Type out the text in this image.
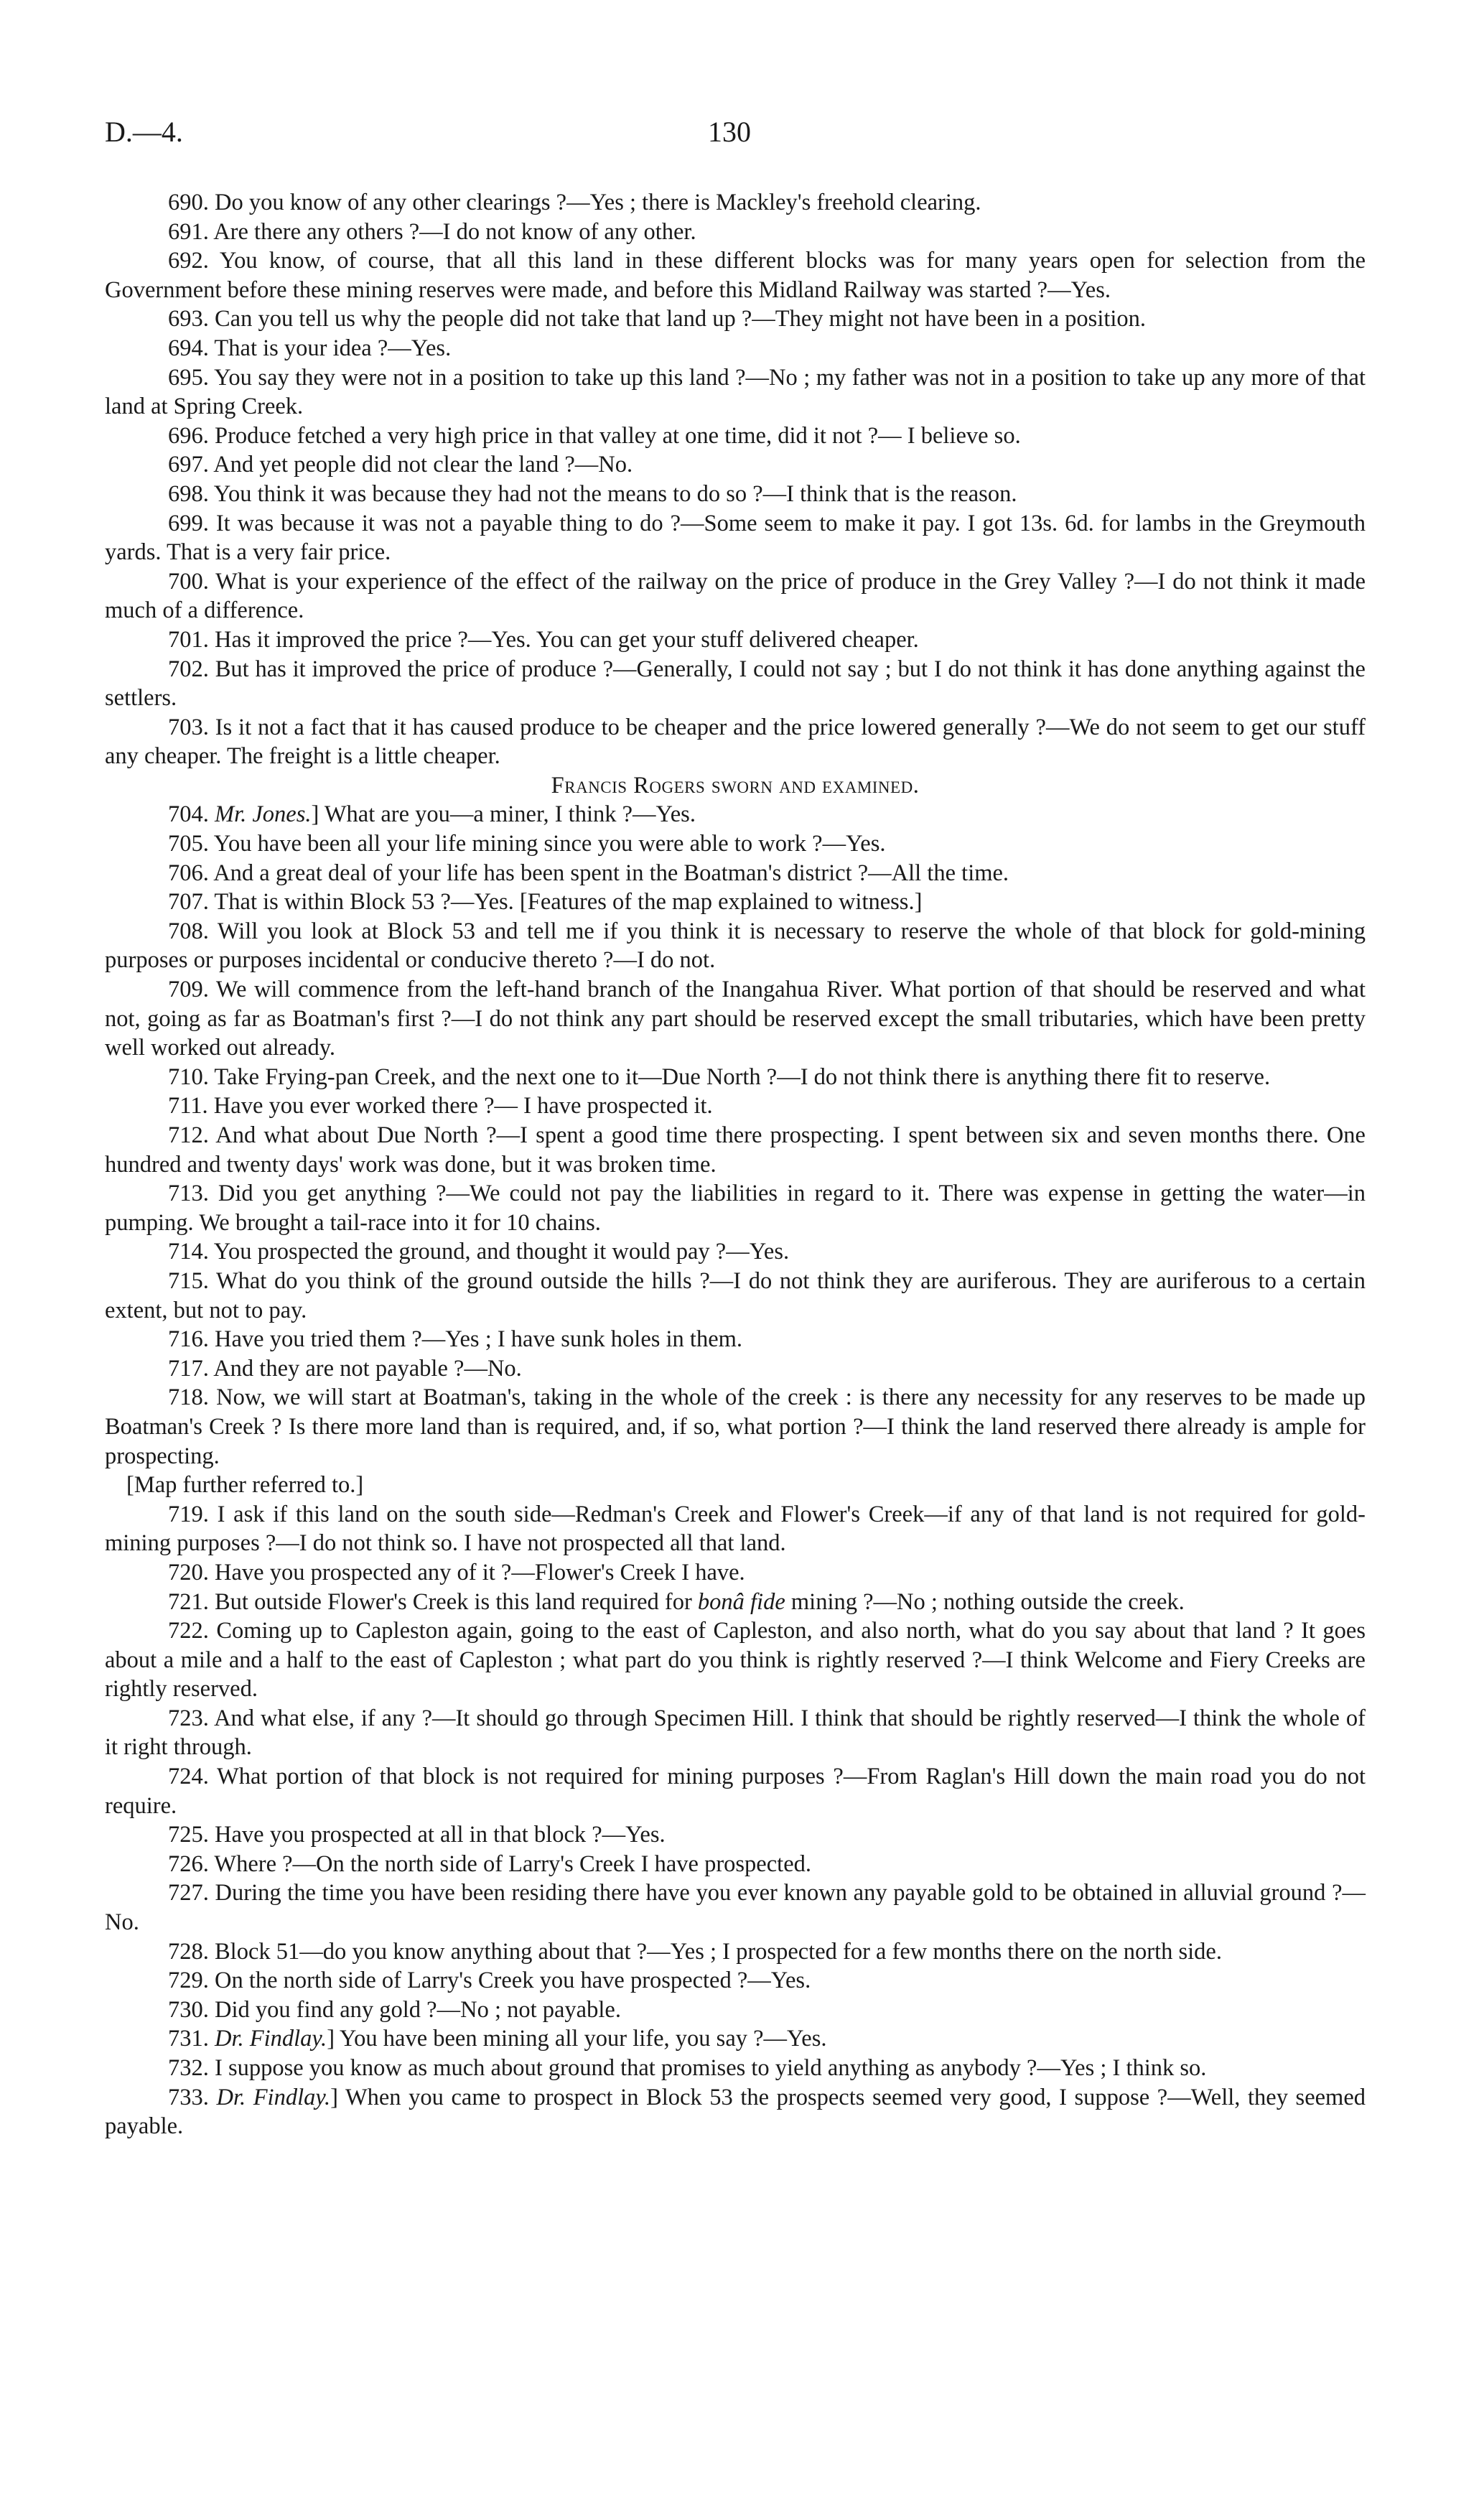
D.—4.	130

690. Do you know of any other clearings ?—Yes ; there is Mackley's freehold clearing.

691. Are there any others ?—I do not know of any other.

692. You know, of course, that all this land in these different blocks was for many years open for selection from the Government before these mining reserves were made, and before this Midland Railway was started ?—Yes.

693. Can you tell us why the people did not take that land up ?—They might not have been in a position.

694. That is your idea ?—Yes.

695. You say they were not in a position to take up this land ?—No ; my father was not in a position to take up any more of that land at Spring Creek.

696. Produce fetched a very high price in that valley at one time, did it not ?— I believe so.

697. And yet people did not clear the land ?—No.

698. You think it was because they had not the means to do so ?—I think that is the reason.

699. It was because it was not a payable thing to do ?—Some seem to make it pay. I got 13s. 6d. for lambs in the Greymouth yards. That is a very fair price.

700. What is your experience of the effect of the railway on the price of produce in the Grey Valley ?—I do not think it made much of a difference.

701. Has it improved the price ?—Yes. You can get your stuff delivered cheaper.

702. But has it improved the price of produce ?—Generally, I could not say ; but I do not think it has done anything against the settlers.

703. Is it not a fact that it has caused produce to be cheaper and the price lowered generally ?—We do not seem to get our stuff any cheaper. The freight is a little cheaper.

Francis Rogers sworn and examined.

704. Mr. Jones.] What are you—a miner, I think ?—Yes.

705. You have been all your life mining since you were able to work ?—Yes.

706. And a great deal of your life has been spent in the Boatman's district ?—All the time.

707. That is within Block 53 ?—Yes. [Features of the map explained to witness.]

708. Will you look at Block 53 and tell me if you think it is necessary to reserve the whole of that block for gold-mining purposes or purposes incidental or conducive thereto ?—I do not.

709. We will commence from the left-hand branch of the Inangahua River. What portion of that should be reserved and what not, going as far as Boatman's first ?—I do not think any part should be reserved except the small tributaries, which have been pretty well worked out already.

710. Take Frying-pan Creek, and the next one to it—Due North ?—I do not think there is anything there fit to reserve.

711. Have you ever worked there ?— I have prospected it.

712. And what about Due North ?—I spent a good time there prospecting. I spent between six and seven months there. One hundred and twenty days' work was done, but it was broken time.

713. Did you get anything ?—We could not pay the liabilities in regard to it. There was expense in getting the water—in pumping. We brought a tail-race into it for 10 chains.

714. You prospected the ground, and thought it would pay ?—Yes.

715. What do you think of the ground outside the hills ?—I do not think they are auriferous. They are auriferous to a certain extent, but not to pay.

716. Have you tried them ?—Yes ; I have sunk holes in them.

717. And they are not payable ?—No.

718. Now, we will start at Boatman's, taking in the whole of the creek : is there any necessity for any reserves to be made up Boatman's Creek ? Is there more land than is required, and, if so, what portion ?—I think the land reserved there already is ample for prospecting.

[Map further referred to.]

719. I ask if this land on the south side—Redman's Creek and Flower's Creek—if any of that land is not required for gold-mining purposes ?—I do not think so. I have not prospected all that land.

720. Have you prospected any of it ?—Flower's Creek I have.

721. But outside Flower's Creek is this land required for bonâ fide mining ?—No ; nothing outside the creek.

722. Coming up to Capleston again, going to the east of Capleston, and also north, what do you say about that land ? It goes about a mile and a half to the east of Capleston ; what part do you think is rightly reserved ?—I think Welcome and Fiery Creeks are rightly reserved.

723. And what else, if any ?—It should go through Specimen Hill. I think that should be rightly reserved—I think the whole of it right through.

724. What portion of that block is not required for mining purposes ?—From Raglan's Hill down the main road you do not require.

725. Have you prospected at all in that block ?—Yes.

726. Where ?—On the north side of Larry's Creek I have prospected.

727. During the time you have been residing there have you ever known any payable gold to be obtained in alluvial ground ?—No.

728. Block 51—do you know anything about that ?—Yes ; I prospected for a few months there on the north side.

729. On the north side of Larry's Creek you have prospected ?—Yes.

730. Did you find any gold ?—No ; not payable.

731. Dr. Findlay.] You have been mining all your life, you say ?—Yes.

732. I suppose you know as much about ground that promises to yield anything as anybody ?—Yes ; I think so.

733. Dr. Findlay.] When you came to prospect in Block 53 the prospects seemed very good, I suppose ?—Well, they seemed payable.
